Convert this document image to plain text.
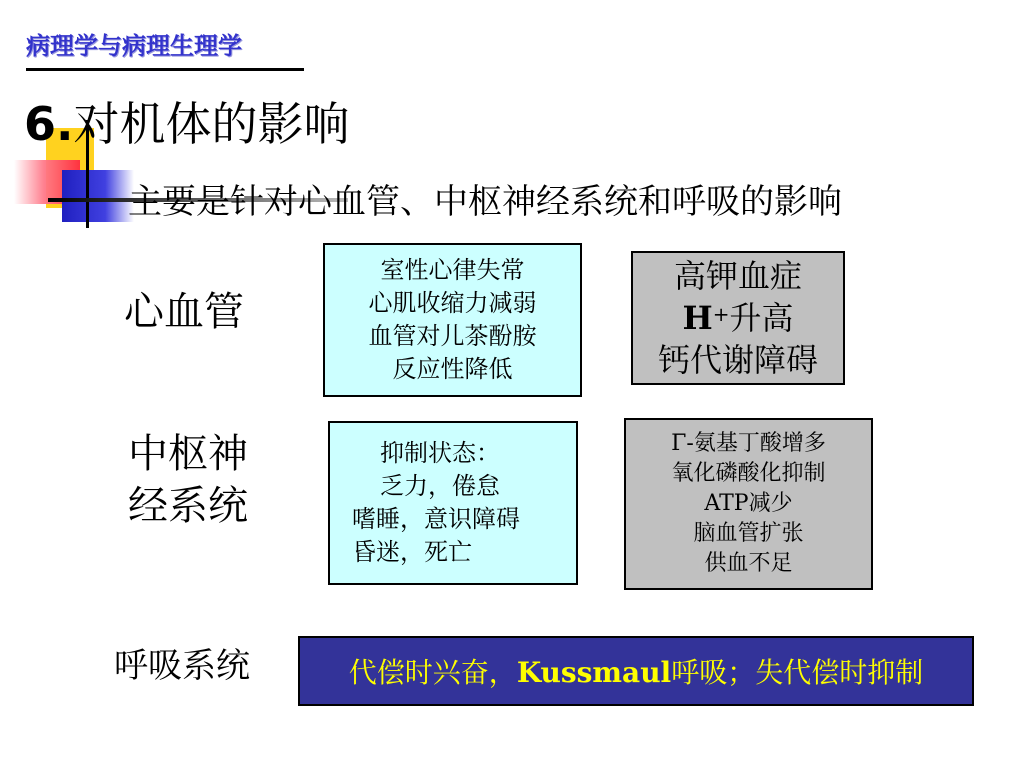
病理学与病理生理学
6.对机体的影响
主要是针对心血管、中枢神经系统和呼吸的影响
心血管
中枢神
经系统
呼吸系统
室性心律失常
心肌收缩力减弱
血管对儿茶酚胺
反应性降低
高钾血症
H+升高
钙代谢障碍
抑制状态：
乏力，倦怠
嗜睡，意识障碍
昏迷，死亡
Γ-氨基丁酸增多
氧化磷酸化抑制
ATP减少
脑血管扩张
供血不足
代偿时兴奋，Kussmaul呼吸；失代偿时抑制
